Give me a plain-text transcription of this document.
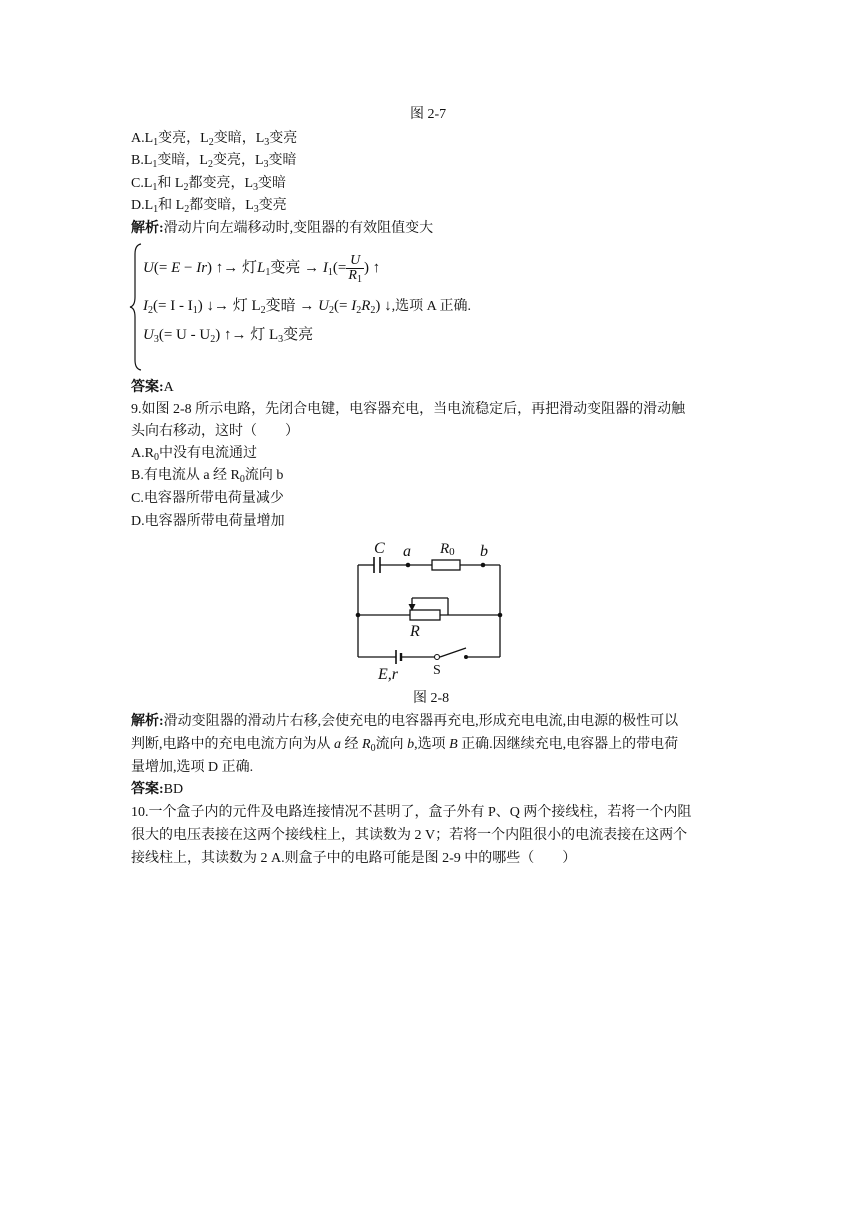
图 2-7
$A.L_1$变亮，$L_2$变暗，$L_3$变亮
$B.L_1$变暗，$L_2$变亮，$L_3$变暗
$C.L_1$和 $L_2$都变亮，$L_3$变暗
$D.L_1$和 $L_2$都变暗，$L_3$变亮
解析:滑动片向左端移动时,变阻器的有效阻值变大
U(= E − Ir) ↑→ 灯$L_1$变亮 → $I_1(= \frac{U}{R_1}$ ) ↑
$I_2(= I - I_1)$ ↓→ 灯 $L_2$变暗 → $U_2(= I_2R_2)$ ↓,选项 A 正确.
$U_3(= U - U_2)$ ↑→ 灯 $L_3$变亮
答案:A
9.如图 2-8 所示电路，先闭合电键，电容器充电，当电流稳定后，再把滑动变阻器的滑动触
头向右移动，这时（　　）
$A.R_0$中没有电流通过
B.有电流从 a 经 $R_0$流向 b
C.电容器所带电荷量减少
D.电容器所带电荷量增加
C a R0 b
R
E,r	S
图 2-8
解析:滑动变阻器的滑动片右移,会使充电的电容器再充电,形成充电电流,由电源的极性可以
判断,电路中的充电电流方向为从 a 经 $R_0$流向 b,选项 B 正确.因继续充电,电容器上的带电荷
量增加,选项 D 正确.
答案:BD
10.一个盒子内的元件及电路连接情况不甚明了，盒子外有 P、Q 两个接线柱，若将一个内阻
很大的电压表接在这两个接线柱上，其读数为 2 V；若将一个内阻很小的电流表接在这两个
接线柱上，其读数为 2 A.则盒子中的电路可能是图 2-9 中的哪些（　　）
